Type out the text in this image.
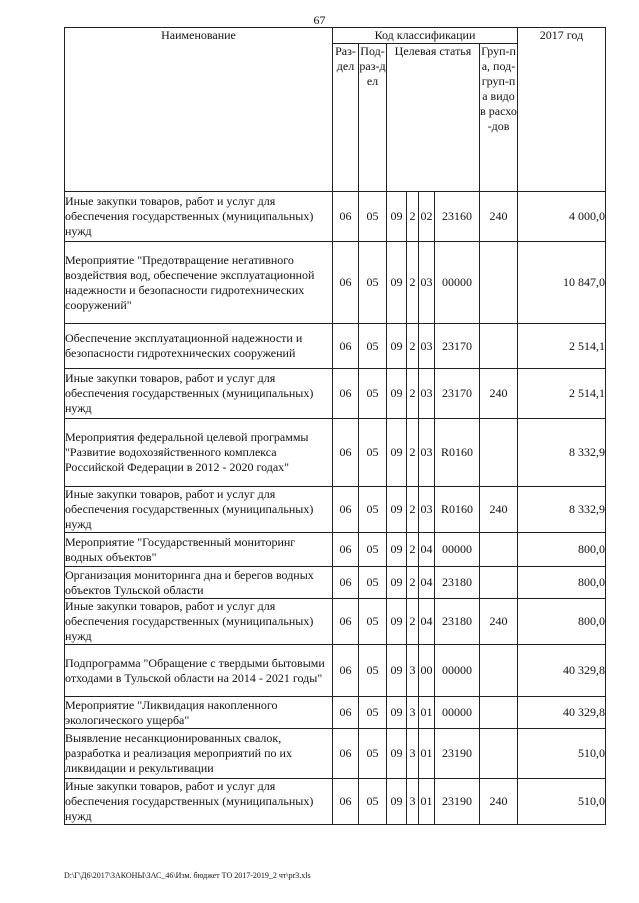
67
Наименование	Код классификации							2017 год
	Раз-дел	Под-раз-дел	Целевая статья				Груп-па, под-груп-па видов расхо-дов	
Иные закупки товаров, работ и услуг для обеспечения государственных (муниципальных) нужд	06	05	09	2	02	23160	240	4 000,0
Мероприятие "Предотвращение негативного воздействия вод, обеспечение эксплуатационной надежности и безопасности гидротехнических сооружений"	06	05	09	2	03	00000		10 847,0
Обеспечение эксплуатационной надежности и безопасности гидротехнических сооружений	06	05	09	2	03	23170		2 514,1
Иные закупки товаров, работ и услуг для обеспечения государственных (муниципальных) нужд	06	05	09	2	03	23170	240	2 514,1
Мероприятия федеральной целевой программы "Развитие водохозяйственного комплекса Российской Федерации в 2012 - 2020 годах"	06	05	09	2	03	R0160		8 332,9
Иные закупки товаров, работ и услуг для обеспечения государственных (муниципальных) нужд	06	05	09	2	03	R0160	240	8 332,9
Мероприятие "Государственный мониторинг водных объектов"	06	05	09	2	04	00000		800,0
Организация мониторинга дна и берегов водных объектов Тульской области	06	05	09	2	04	23180		800,0
Иные закупки товаров, работ и услуг для обеспечения государственных (муниципальных) нужд	06	05	09	2	04	23180	240	800,0
Подпрограмма "Обращение с твердыми бытовыми отходами в Тульской области на 2014 - 2021 годы"	06	05	09	3	00	00000		40 329,8
Мероприятие "Ликвидация накопленного экологического ущерба"	06	05	09	3	01	00000		40 329,8
Выявление несанкционированных свалок, разработка и реализация мероприятий по их ликвидации и рекультивации	06	05	09	3	01	23190		510,0
Иные закупки товаров, работ и услуг для обеспечения государственных (муниципальных) нужд	06	05	09	3	01	23190	240	510,0
D:\Г\Д6\2017\ЗАКОНЫ\ЗАС_46\Изм. бюджет ТО 2017-2019_2 чт\pr3.xls
